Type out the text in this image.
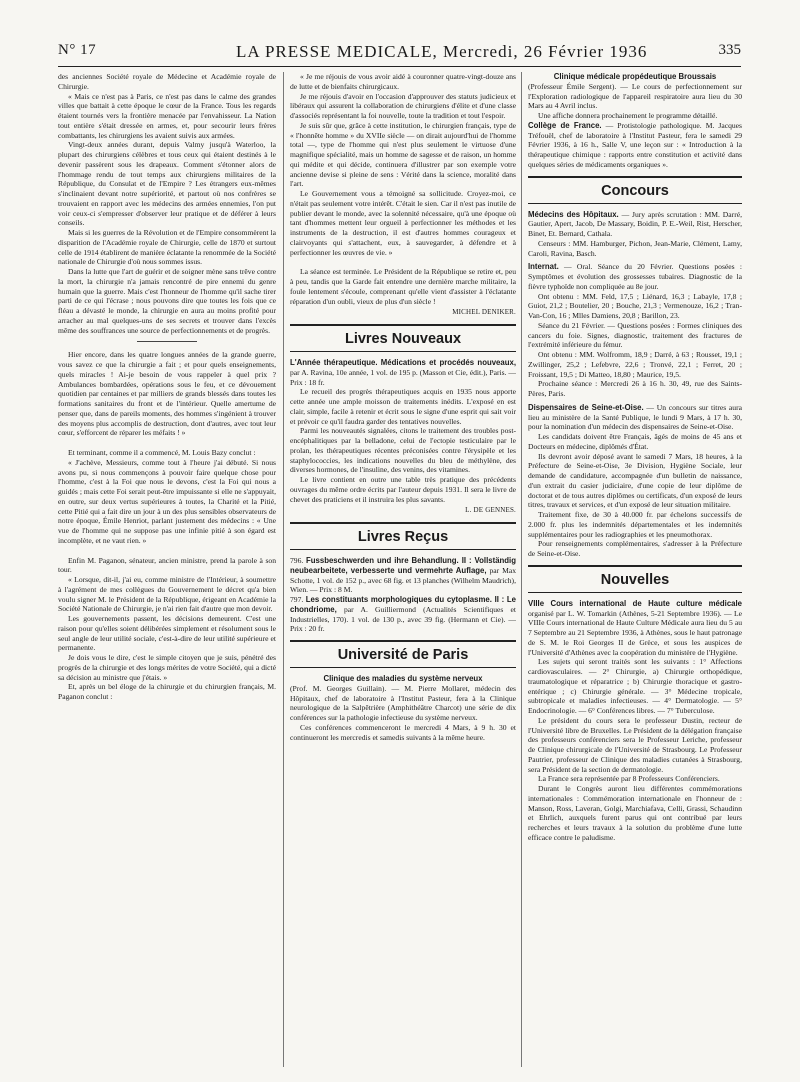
N° 17	LA PRESSE MEDICALE, Mercredi, 26 Février 1936	335

des anciennes Société royale de Médecine et Académie royale de Chirurgie.

« Mais ce n'est pas à Paris, ce n'est pas dans le calme des grandes villes que battait à cette époque le cœur de la France. Tous les regards étaient tournés vers la frontière menacée par l'envahisseur. La Nation tout entière s'était dressée en armes, et, pour secourir leurs frères combattants, les chirurgiens les avaient suivis aux armées.

Vingt-deux années durant, depuis Valmy jusqu'à Waterloo, la plupart des chirurgiens célèbres et tous ceux qui étaient destinés à le devenir passèrent sous les drapeaux. Comment s'étonner alors de l'hommage rendu de tout temps aux chirurgiens militaires de la République, du Consulat et de l'Empire ? Les étrangers eux-mêmes s'inclinaient devant notre supériorité, et partout où nos confrères se trouvaient en rapport avec les médecins des armées ennemies, l'on put voir ceux-ci s'empresser d'observer leur pratique et de déférer à leurs conseils.

Mais si les guerres de la Révolution et de l'Empire consommèrent la disparition de l'Académie royale de Chirurgie, celle de 1870 et surtout celle de 1914 établirent de manière éclatante la renommée de la Société nationale de Chirurgie d'où nous sommes issus.

Dans la lutte que l'art de guérir et de soigner mène sans trêve contre la mort, la chirurgie n'a jamais rencontré de pire ennemi du genre humain que la guerre. Mais c'est l'honneur de l'homme qu'il sache tirer parti de ce qui l'écrase ; nous pouvons dire que toutes les fois que ce fléau a dévasté le monde, la chirurgie en aura au moins profité pour arracher au mal quelques-uns de ses secrets et trouver dans l'excès même des souffrances une source de perfectionnements et de progrès.

Hier encore, dans les quatre longues années de la grande guerre, vous savez ce que la chirurgie a fait ; et pour quels enseignements, quels miracles ! Ai-je besoin de vous rappeler à quel prix ? Ambulances bombardées, opérations sous le feu, et ce dévouement quotidien par centaines et par milliers de grands blessés dans toutes les formations sanitaires du front et de l'intérieur. Quelle amertume de penser que, dans de pareils moments, des hommes s'ingénient à trouver des moyens plus accomplis de destruction, dont d'autres, avec tout leur cœur, s'efforcent de réparer les méfaits ! »

Et terminant, comme il a commencé, M. Louis Bazy conclut :

« J'achève, Messieurs, comme tout à l'heure j'ai débuté. Si nous avons pu, si nous commençons à pouvoir faire quelque chose pour l'homme, c'est à la Foi que nous le devons, c'est la Foi qui nous a guidés ; mais cette Foi serait peut-être impuissante si elle ne s'appuyait, en outre, sur deux vertus supérieures à toutes, la Charité et la Pitié, cette Pitié qui a fait dire un jour à un des plus sensibles observateurs de notre époque, Émile Henriot, parlant justement des médecins : « Une vue de l'homme qui ne suppose pas une infinie pitié à son égard est incomplète, et ne vaut rien. »

Enfin M. Paganon, sénateur, ancien ministre, prend la parole à son tour.

« Lorsque, dit-il, j'ai eu, comme ministre de l'Intérieur, à soumettre à l'agrément de mes collègues du Gouvernement le décret qu'a bien voulu signer M. le Président de la République, érigeant en Académie la Société Nationale de Chirurgie, je n'ai rien fait d'autre que mon devoir.

Les gouvernements passent, les décisions demeurent. C'est une raison pour qu'elles soient délibérées simplement et résolument sous le seul angle de leur utilité sociale, c'est-à-dire de leur utilité supérieure et permanente.

Je dois vous le dire, c'est le simple citoyen que je suis, pénétré des progrès de la chirurgie et des longs mérites de votre Société, qui a dicté sa décision au ministre que j'étais. »

Et, après un bel éloge de la chirurgie et du chirurgien français, M. Paganon conclut :

« Je me réjouis de vous avoir aidé à couronner quatre-vingt-douze ans de lutte et de bienfaits chirurgicaux.

Je me réjouis d'avoir en l'occasion d'approuver des statuts judicieux et libéraux qui assurent la collaboration de chirurgiens d'élite et d'une classe d'associés représentant la foi nouvelle, toute la tradition et tout l'espoir.

Je suis sûr que, grâce à cette institution, le chirurgien français, type de « l'honnête homme » du XVIIe siècle — on dirait aujourd'hui de l'homme total —, type de l'homme qui n'est plus seulement le virtuose d'une magnifique spécialité, mais un homme de sagesse et de raison, un homme qui médite et qui décide, continuera d'illustrer par son exemple votre ancienne devise si pleine de sens : Vérité dans la science, moralité dans l'art.

Le Gouvernement vous a témoigné sa sollicitude. Croyez-moi, ce n'était pas seulement votre intérêt. C'était le sien. Car il n'est pas inutile de publier devant le monde, avec la solennité nécessaire, qu'à une époque où tant d'hommes mettent leur orgueil à perfectionner les méthodes et les instruments de la destruction, il est d'autres hommes courageux et clairvoyants qui s'attachent, eux, à sauvegarder, à défendre et à perfectionner les œuvres de vie. »

La séance est terminée. Le Président de la République se retire et, peu à peu, tandis que la Garde fait entendre une dernière marche militaire, la foule lentement s'écoule, comprenant qu'elle vient d'assister à l'éclatante réparation d'un oubli, vieux de plus d'un siècle !

MICHEL DENIKER.
Livres Nouveaux

L'Année thérapeutique. Médications et procédés nouveaux, par A. Ravina, 10e année, 1 vol. de 195 p. (Masson et Cie, édit.), Paris. — Prix : 18 fr.

Le recueil des progrès thérapeutiques acquis en 1935 nous apporte cette année une ample moisson de traitements inédits. L'exposé en est clair, simple, facile à retenir et écrit sous le signe d'une esprit qui sait voir et prévoir ce qu'il faudra garder des tentatives nouvelles.

Parmi les nouveautés signalées, citons le traitement des troubles post-encéphalitiques par la belladone, celui de l'ectopie testiculaire par le prolan, les thérapeutiques récentes préconisées contre l'érysipèle et les staphylococcies, les indications nouvelles du bleu de méthylène, des diverses hormones, de l'insuline, des venins, des vitamines.

Le livre contient en outre une table très pratique des précédents ouvrages du même ordre écrits par l'auteur depuis 1931. Il sera le livre de chevet des praticiens et il instruira les plus savants.

L. DE GENNES.
Livres Reçus

796. Fussbeschwerden und ihre Behandlung. II : Vollständig neubearbeitete, verbesserte und vermehrte Auflage, par Max Schotte, 1 vol. de 152 p., avec 68 fig. et 13 planches (Wilhelm Maudrich), Wien. — Prix : 8 M.

797. Les constituants morphologiques du cytoplasme. II : Le chondriome, par A. Guilliermond (Actualités Scientifiques et Industrielles, 170). 1 vol. de 130 p., avec 39 fig. (Hermann et Cie). — Prix : 20 fr.

Université de Paris

Clinique des maladies du système nerveux

(Prof. M. Georges Guillain). — M. Pierre Mollaret, médecin des Hôpitaux, chef de laboratoire à l'Institut Pasteur, fera à la Clinique neurologique de la Salpêtrière (Amphithéâtre Charcot) une série de dix conférences sur la pathologie infectieuse du système nerveux.

Ces conférences commenceront le mercredi 4 Mars, à 9 h. 30 et continueront les mercredis et samedis suivants à la même heure.

Clinique médicale propédeutique Broussais

(Professeur Émile Sergent). — Le cours de perfectionnement sur l'Exploration radiologique de l'appareil respiratoire aura lieu du 30 Mars au 4 Avril inclus.

Une affiche donnera prochainement le programme détaillé.

Collège de France. — Protistologie pathologique. M. Jacques Tréfouël, chef de laboratoire à l'Institut Pasteur, fera le samedi 29 Février 1936, à 16 h., Salle V, une leçon sur : « Introduction à la thérapeutique chimique : rapports entre constitution et activité dans quelques séries de médicaments organiques ».

Concours

Médecins des Hôpitaux. — Jury après scrutation : MM. Darré, Gautier, Apert, Jacob, De Massary, Boidin, P. E.-Weil, Rist, Herscher, Binet, Et. Bernard, Cathala.

Censeurs : MM. Hamburger, Pichon, Jean-Marie, Clément, Lamy, Caroli, Ravina, Basch.

Internat. — Oral. Séance du 20 Février. Questions posées : Symptômes et évolution des grossesses tubaires. Diagnostic de la fièvre typhoïde non compliquée au 8e jour.

Ont obtenu : MM. Feld, 17,5 ; Liénard, 16,3 ; Labayle, 17,8 ; Guiot, 21,2 ; Boutelier, 20 ; Bouche, 21,3 ; Vermenouze, 16,2 ; Tran-Van-Con, 16 ; Mlles Damiens, 20,8 ; Barillon, 23.

Séance du 21 Février. — Questions posées : Formes cliniques des cancers du foie. Signes, diagnostic, traitement des fractures de l'extrémité inférieure du fémur.

Ont obtenu : MM. Wolfromm, 18,9 ; Darré, à 63 ; Rousset, 19,1 ; Zwillinger, 25,2 ; Lefebvre, 22,6 ; Tronvé, 22,1 ; Ferret, 20 ; Froissant, 19,5 ; Di Matteo, 18,80 ; Maurice, 19,5.

Prochaine séance : Mercredi 26 à 16 h. 30, 49, rue des Saints-Pères, Paris.

Dispensaires de Seine-et-Oise. — Un concours sur titres aura lieu au ministère de la Santé Publique, le lundi 9 Mars, à 17 h. 30, pour la nomination d'un médecin des dispensaires de Seine-et-Oise.

Les candidats doivent être Français, âgés de moins de 45 ans et Docteurs en médecine, diplômés d'État.

Ils devront avoir déposé avant le samedi 7 Mars, 18 heures, à la Préfecture de Seine-et-Oise, 3e Division, Hygiène Sociale, leur demande de candidature, accompagnée d'un bulletin de naissance, d'un extrait du casier judiciaire, d'une copie de leur diplôme de doctorat et de tous autres diplômes ou certificats, d'un exposé de leurs titres, travaux et services, et d'un exposé de leur situation militaire.

Traitement fixe, de 30 à 40.000 fr. par échelons successifs de 2.000 fr. plus les indemnités départementales et les indemnités supplémentaires pour les radiographies et les pneumothorax.

Pour renseignements complémentaires, s'adresser à la Préfecture de Seine-et-Oise.

Nouvelles

VIIIe Cours international de Haute culture médicale organisé par L. W. Tomarkin (Athènes, 5-21 Septembre 1936). — Le VIIIe Cours international de Haute Culture Médicale aura lieu du 5 au 7 Septembre au 21 Septembre 1936, à Athènes, sous le haut patronage de S. M. le Roi Georges II de Grèce, et sous les auspices de l'Université d'Athènes avec la coopération du ministère de l'Hygiène.

Les sujets qui seront traités sont les suivants : 1° Affections cardiovasculaires. — 2° Chirurgie, a) Chirurgie orthopédique, traumatologique et réparatrice ; b) Chirurgie thoracique et gastro-entérique ; c) Chirurgie générale. — 3° Médecine tropicale, subtropicale et maladies infectieuses. — 4° Dermatologie. — 5° Endocrinologie. — 6° Conférences libres. — 7° Tuberculose.

Le président du cours sera le professeur Dustin, recteur de l'Université libre de Bruxelles. Le Président de la délégation française des professeurs conférenciers sera le Professeur Leriche, professeur de Clinique chirurgicale de l'Université de Strasbourg. Le Professeur Pautrier, professeur de Clinique des maladies cutanées à Strasbourg, sera Président de la section de dermatologie.

La France sera représentée par 8 Professeurs Conférenciers.

Durant le Congrès auront lieu différentes commémorations internationales : Commémoration internationale en l'honneur de : Manson, Ross, Laveran, Golgi, Marchiafava, Celli, Grassi, Schaudinn et Ehrlich, auxquels furent parus qui ont contribué par leurs recherches et leurs travaux à la solution du problème d'une lutte efficace contre le paludisme.
